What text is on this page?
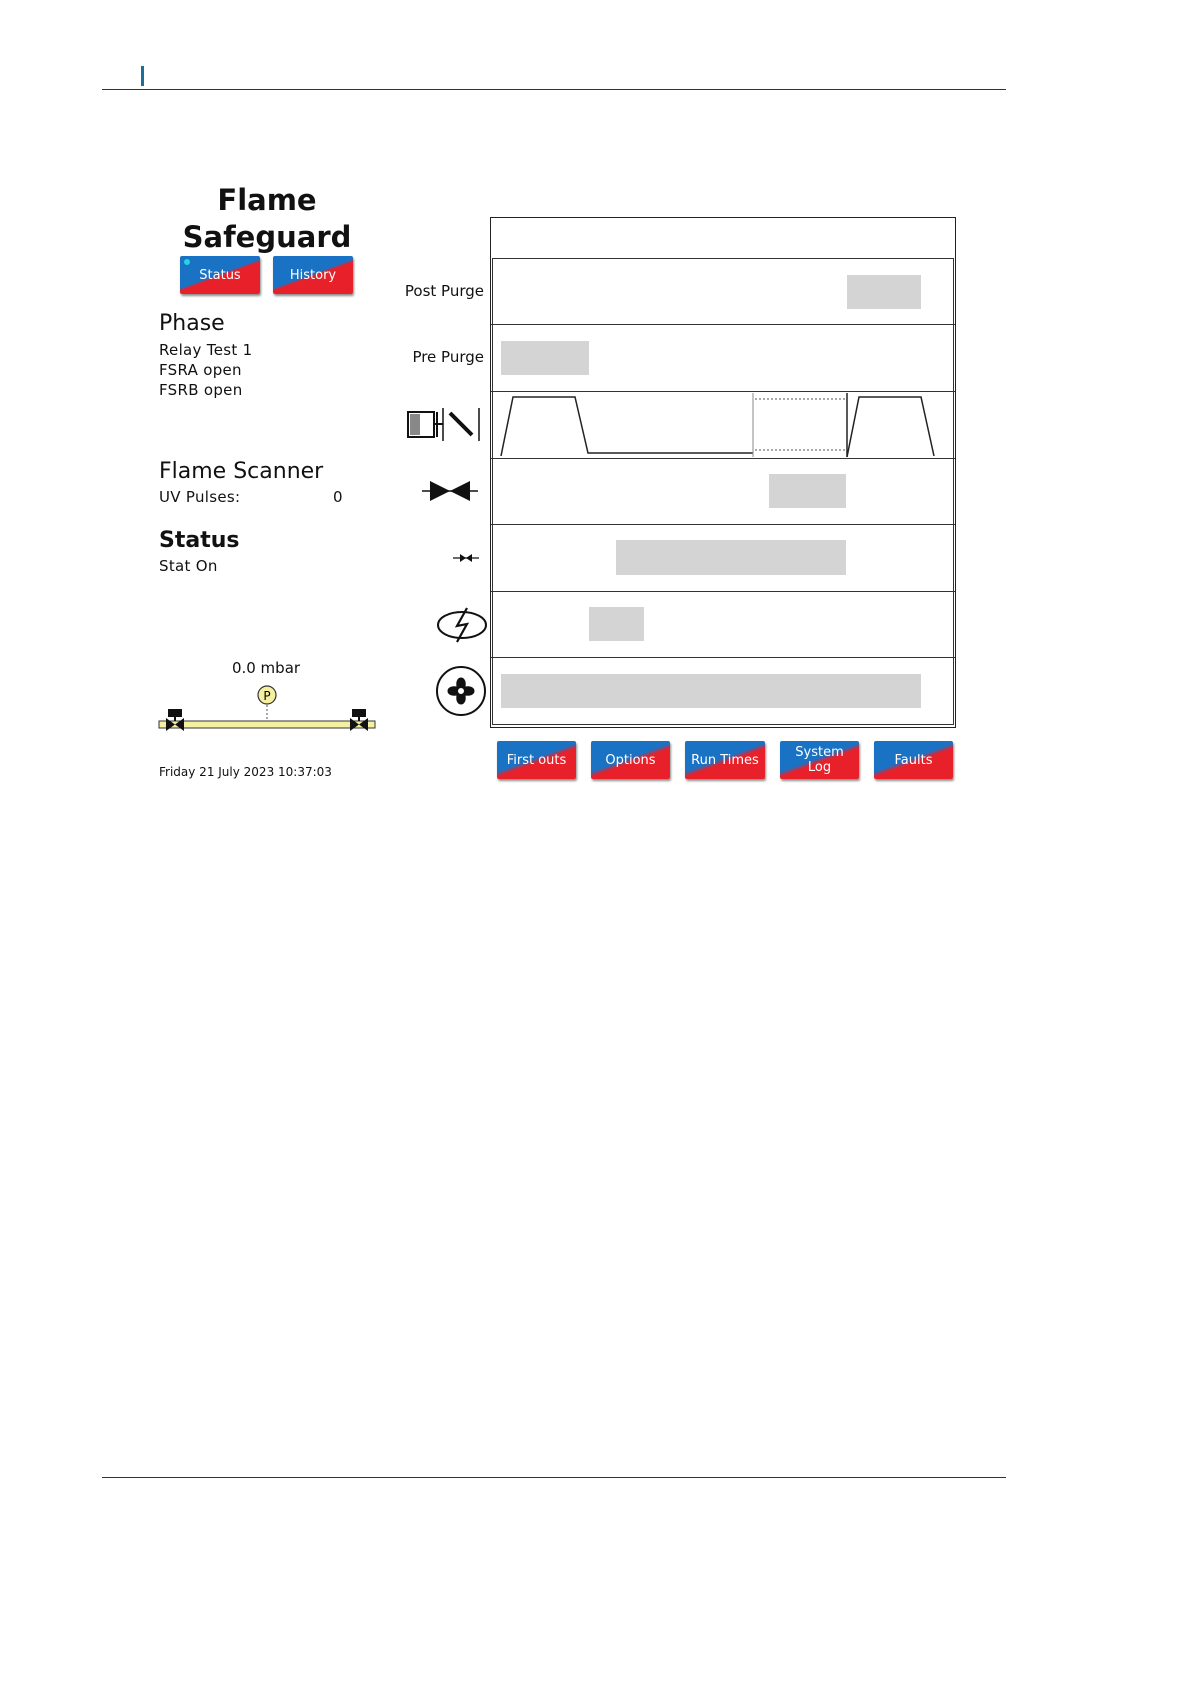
Flame
Safeguard
Status	History
Phase
Relay Test 1
FSRA open
FSRB open
Flame Scanner
UV Pulses:	0
Status
Stat On
0.0 mbar
P
Friday 21 July 2023 10:37:03
Post Purge
Pre Purge
First outs	Options	Run Times	System
Log	Faults
